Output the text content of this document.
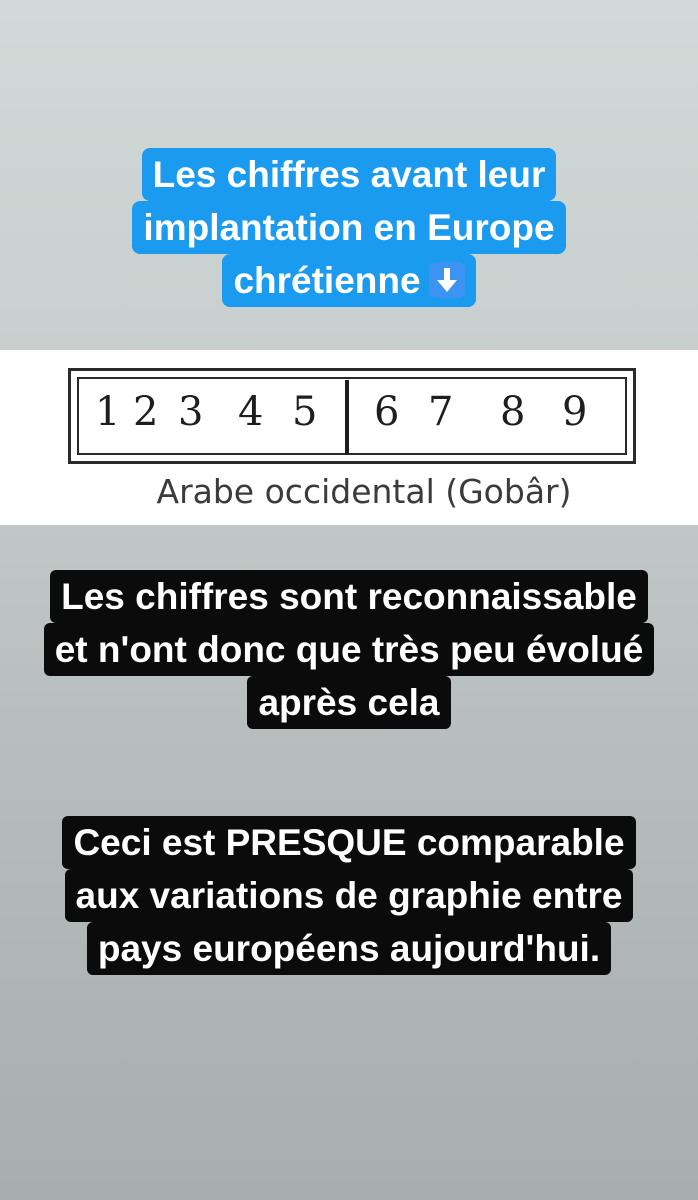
Les chiffres avant leur
implantation en Europe
chrétienne
1 2 3 4 5 6 7 8 9
Arabe occidental (Gobâr)
Les chiffres sont reconnaissable
et n'ont donc que très peu évolué
après cela
Ceci est PRESQUE comparable
aux variations de graphie entre
pays européens aujourd'hui.
